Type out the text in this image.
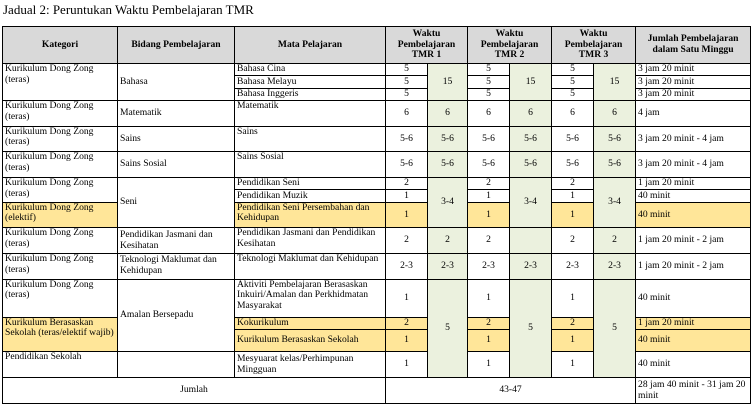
Jadual 2: Peruntukan Waktu Pembelajaran TMR
Kategori	Bidang Pembelajaran	Mata Pelajaran	Waktu Pembelajaran TMR 1		Waktu Pembelajaran TMR 2		Waktu Pembelajaran TMR 3		Jumlah Pembelajaran dalam Satu Minggu
Kurikulum Dong Zong (teras)	Bahasa	Bahasa Cina	5	15	5	15	5	15	3 jam 20 minit
		Bahasa Melayu	5		5		5		3 jam 20 minit
		Bahasa Inggeris	5		5		5		3 jam 20 minit
Kurikulum Dong Zong (teras)	Matematik	Matematik	6	6	6	6	6	6	4 jam
Kurikulum Dong Zong (teras)	Sains	Sains	5-6	5-6	5-6	5-6	5-6	5-6	3 jam 20 minit - 4 jam
Kurikulum Dong Zong (teras)	Sains Sosial	Sains Sosial	5-6	5-6	5-6	5-6	5-6	5-6	3 jam 20 minit - 4 jam
Kurikulum Dong Zong (teras)	Seni	Pendidikan Seni	2	3-4	2	3-4	2	3-4	1 jam 20 minit
		Pendidikan Muzik	1		1		1		40 minit
Kurikulum Dong Zong (elektif)		Pendidikan Seni Persembahan dan Kehidupan	1		1		1		40 minit
Kurikulum Dong Zong (teras)	Pendidikan Jasmani dan Kesihatan	Pendidikan Jasmani dan Pendidikan Kesihatan	2	2	2		2	2	1 jam 20 minit - 2 jam
Kurikulum Dong Zong (teras)	Teknologi Maklumat dan Kehidupan	Teknologi Maklumat dan Kehidupan	2-3	2-3	2-3	2-3	2-3	2-3	1 jam 20 minit - 2 jam
Kurikulum Dong Zong (teras)	Amalan Bersepadu	Aktiviti Pembelajaran Berasaskan Inkuiri/Amalan dan Perkhidmatan Masyarakat	1	5	1	5	1	5	40 minit
Kurikulum Berasaskan Sekolah (teras/elektif wajib)		Kokurikulum	2		2		2		1 jam 20 minit
		Kurikulum Berasaskan Sekolah	1		1		1		40 minit
Pendidikan Sekolah		Mesyuarat kelas/Perhimpunan Mingguan	1		1		1		40 minit
Jumlah			43-47						28 jam 40 minit - 31 jam 20 minit
